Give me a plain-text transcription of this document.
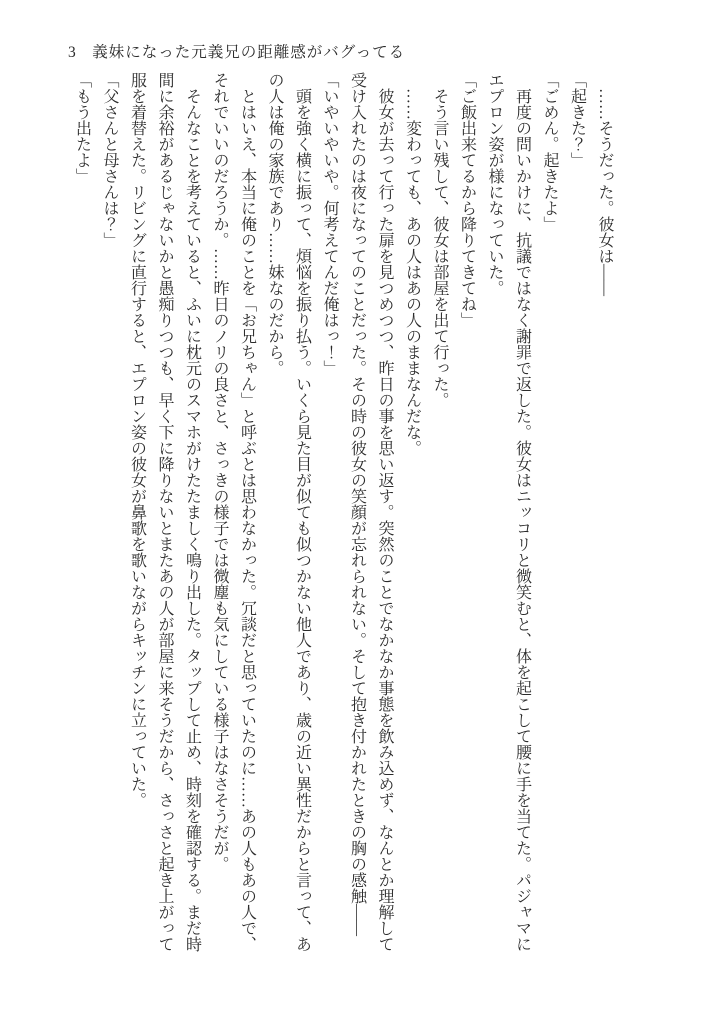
3 義妹になった元義兄の距離感がバグってる

　……そうだった。彼女は――

「起きた？」

「ごめん。起きたよ」

　再度の問いかけに、抗議ではなく謝罪で返した。彼女はニッコリと微笑むと、体を起こして腰に手を当てた。パジャマに
エプロン姿が様になっていた。

「ご飯出来てるから降りてきてね」

　そう言い残して、彼女は部屋を出て行った。

　……変わっても、あの人はあの人のままなんだな。

　彼女が去って行った扉を見つめつつ、昨日の事を思い返す。突然のことでなかなか事態を飲み込めず、なんとか理解して
受け入れたのは夜になってのことだった。その時の彼女の笑顔が忘れられない。そして抱き付かれたときの胸の感触――

「いやいやいや。何考えてんだ俺はっ！」

　頭を強く横に振って、煩悩を振り払う。いくら見た目が似ても似つかない他人であり、歳の近い異性だからと言って、あ
の人は俺の家族であり……妹なのだから。

　とはいえ、本当に俺のことを「お兄ちゃん」と呼ぶとは思わなかった。冗談だと思っていたのに……あの人もあの人で、
それでいいのだろうか。……昨日のノリの良さと、さっきの様子では微塵も気にしている様子はなさそうだが。

　そんなことを考えていると、ふいに枕元のスマホがけたたましく鳴り出した。タップして止め、時刻を確認する。まだ時
間に余裕があるじゃないかと愚痴りつつも、早く下に降りないとまたあの人が部屋に来そうだから、さっさと起き上がって
服を着替えた。リビングに直行すると、エプロン姿の彼女が鼻歌を歌いながらキッチンに立っていた。

「父さんと母さんは？」

「もう出たよ」
